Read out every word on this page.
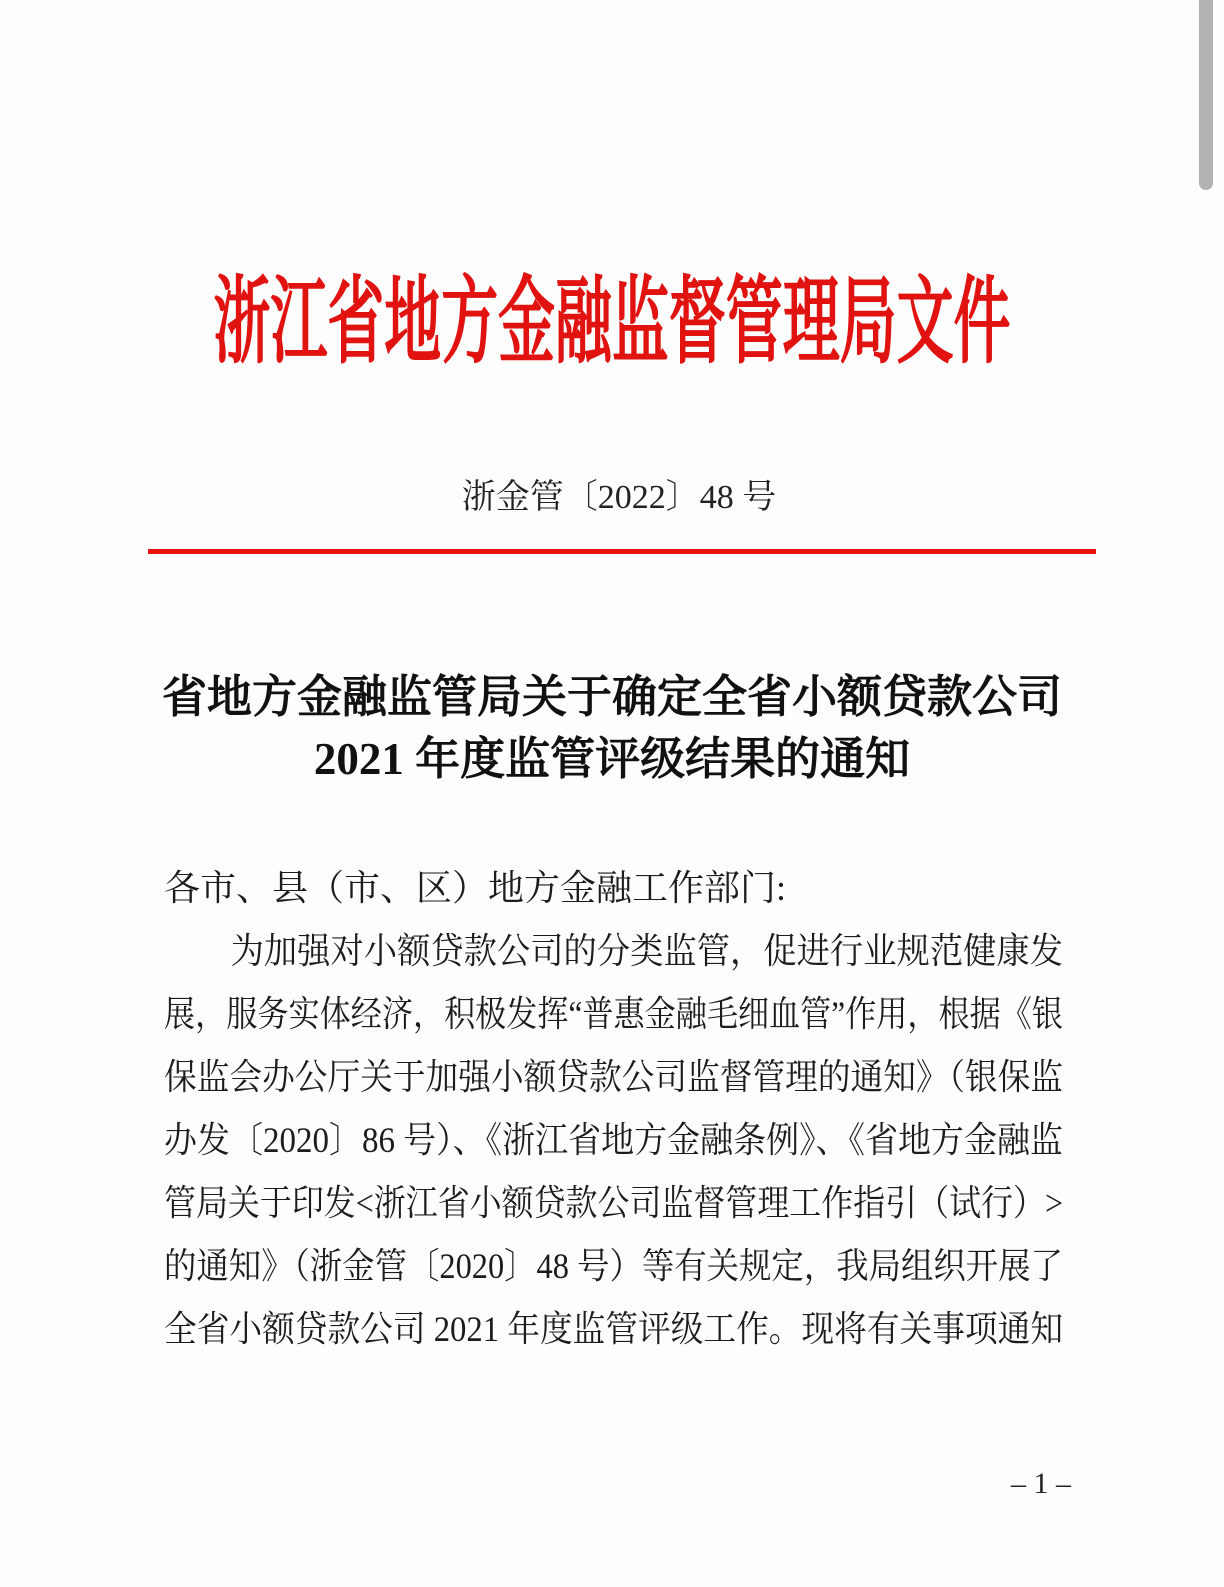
浙江省地方金融监督管理局文件
浙金管〔2022〕48 号
省地方金融监管局关于确定全省小额贷款公司
2021 年度监管评级结果的通知
各市、县（市、区）地方金融工作部门:
为加强对小额贷款公司的分类监管，促进行业规范健康发
展，服务实体经济，积极发挥“普惠金融毛细血管”作用，根据《银
保监会办公厅关于加强小额贷款公司监督管理的通知》（银保监
办发〔2020〕86 号）、《浙江省地方金融条例》、《省地方金融监
管局关于印发<浙江省小额贷款公司监督管理工作指引（试行）>
的通知》（浙金管〔2020〕48 号）等有关规定，我局组织开展了
全省小额贷款公司 2021 年度监管评级工作。现将有关事项通知
– 1 –
